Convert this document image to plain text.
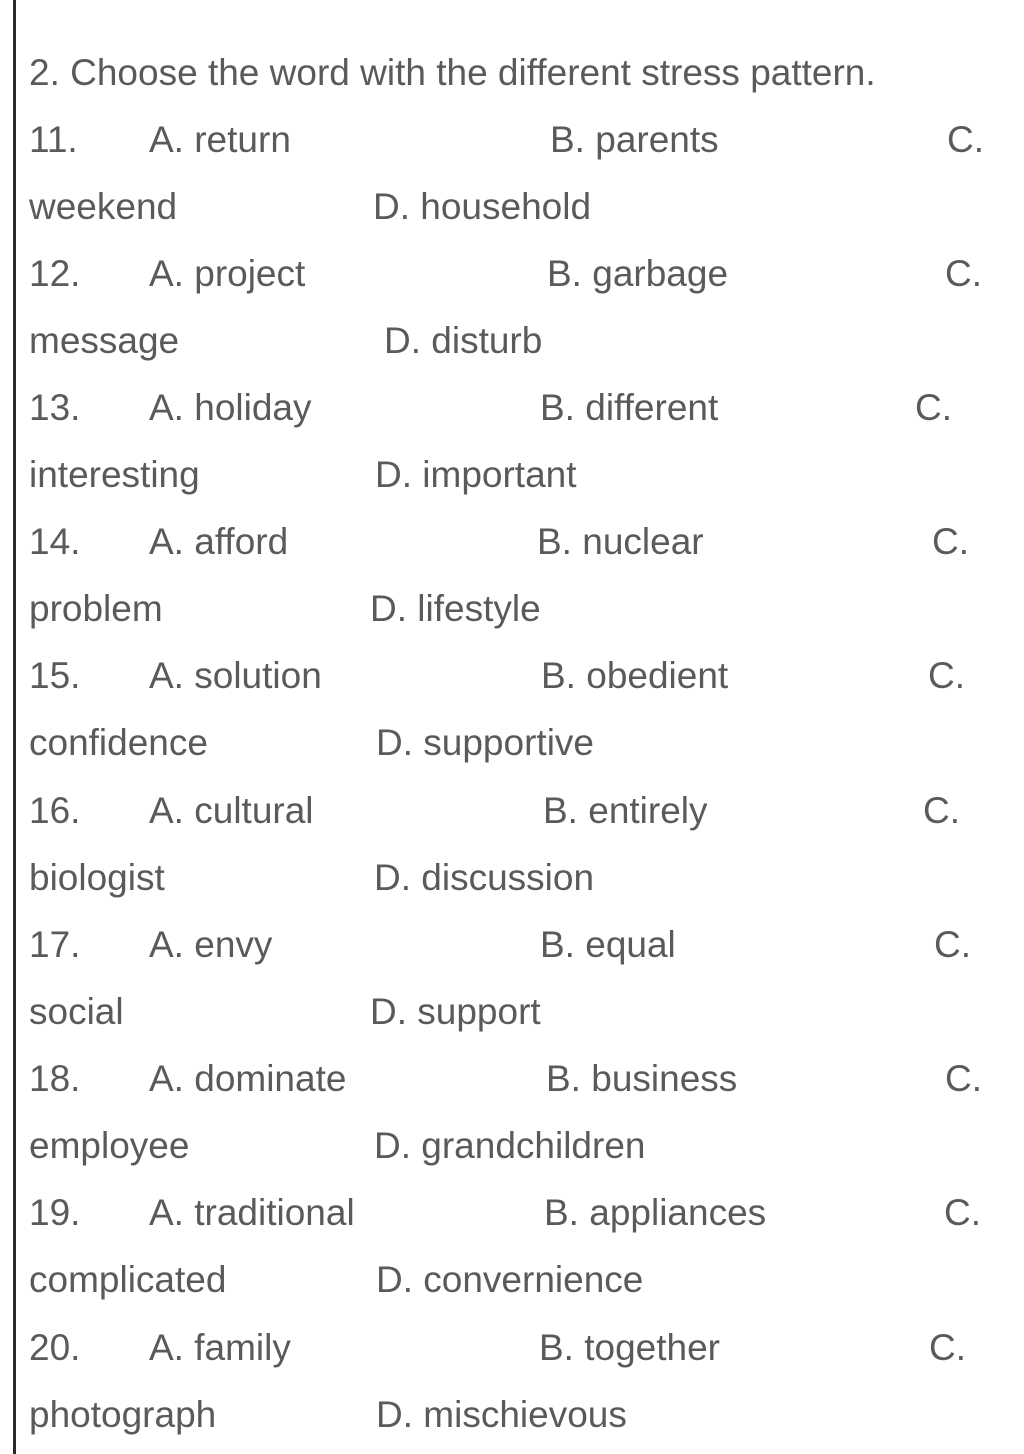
2. Choose the word with the different stress pattern.
11. A. return	B. parents	C.
weekend	D. household
12. A. project	B. garbage	C.
message	D. disturb
13. A. holiday	B. different	C.
interesting	D. important
14. A. afford	B. nuclear	C.
problem	D. lifestyle
15. A. solution	B. obedient	C.
confidence	D. supportive
16. A. cultural	B. entirely	C.
biologist	D. discussion
17. A. envy	B. equal	C.
social	D. support
18. A. dominate	B. business	C.
employee	D. grandchildren
19. A. traditional	B. appliances	C.
complicated	D. convernience
20. A. family	B. together	C.
photograph	D. mischievous
